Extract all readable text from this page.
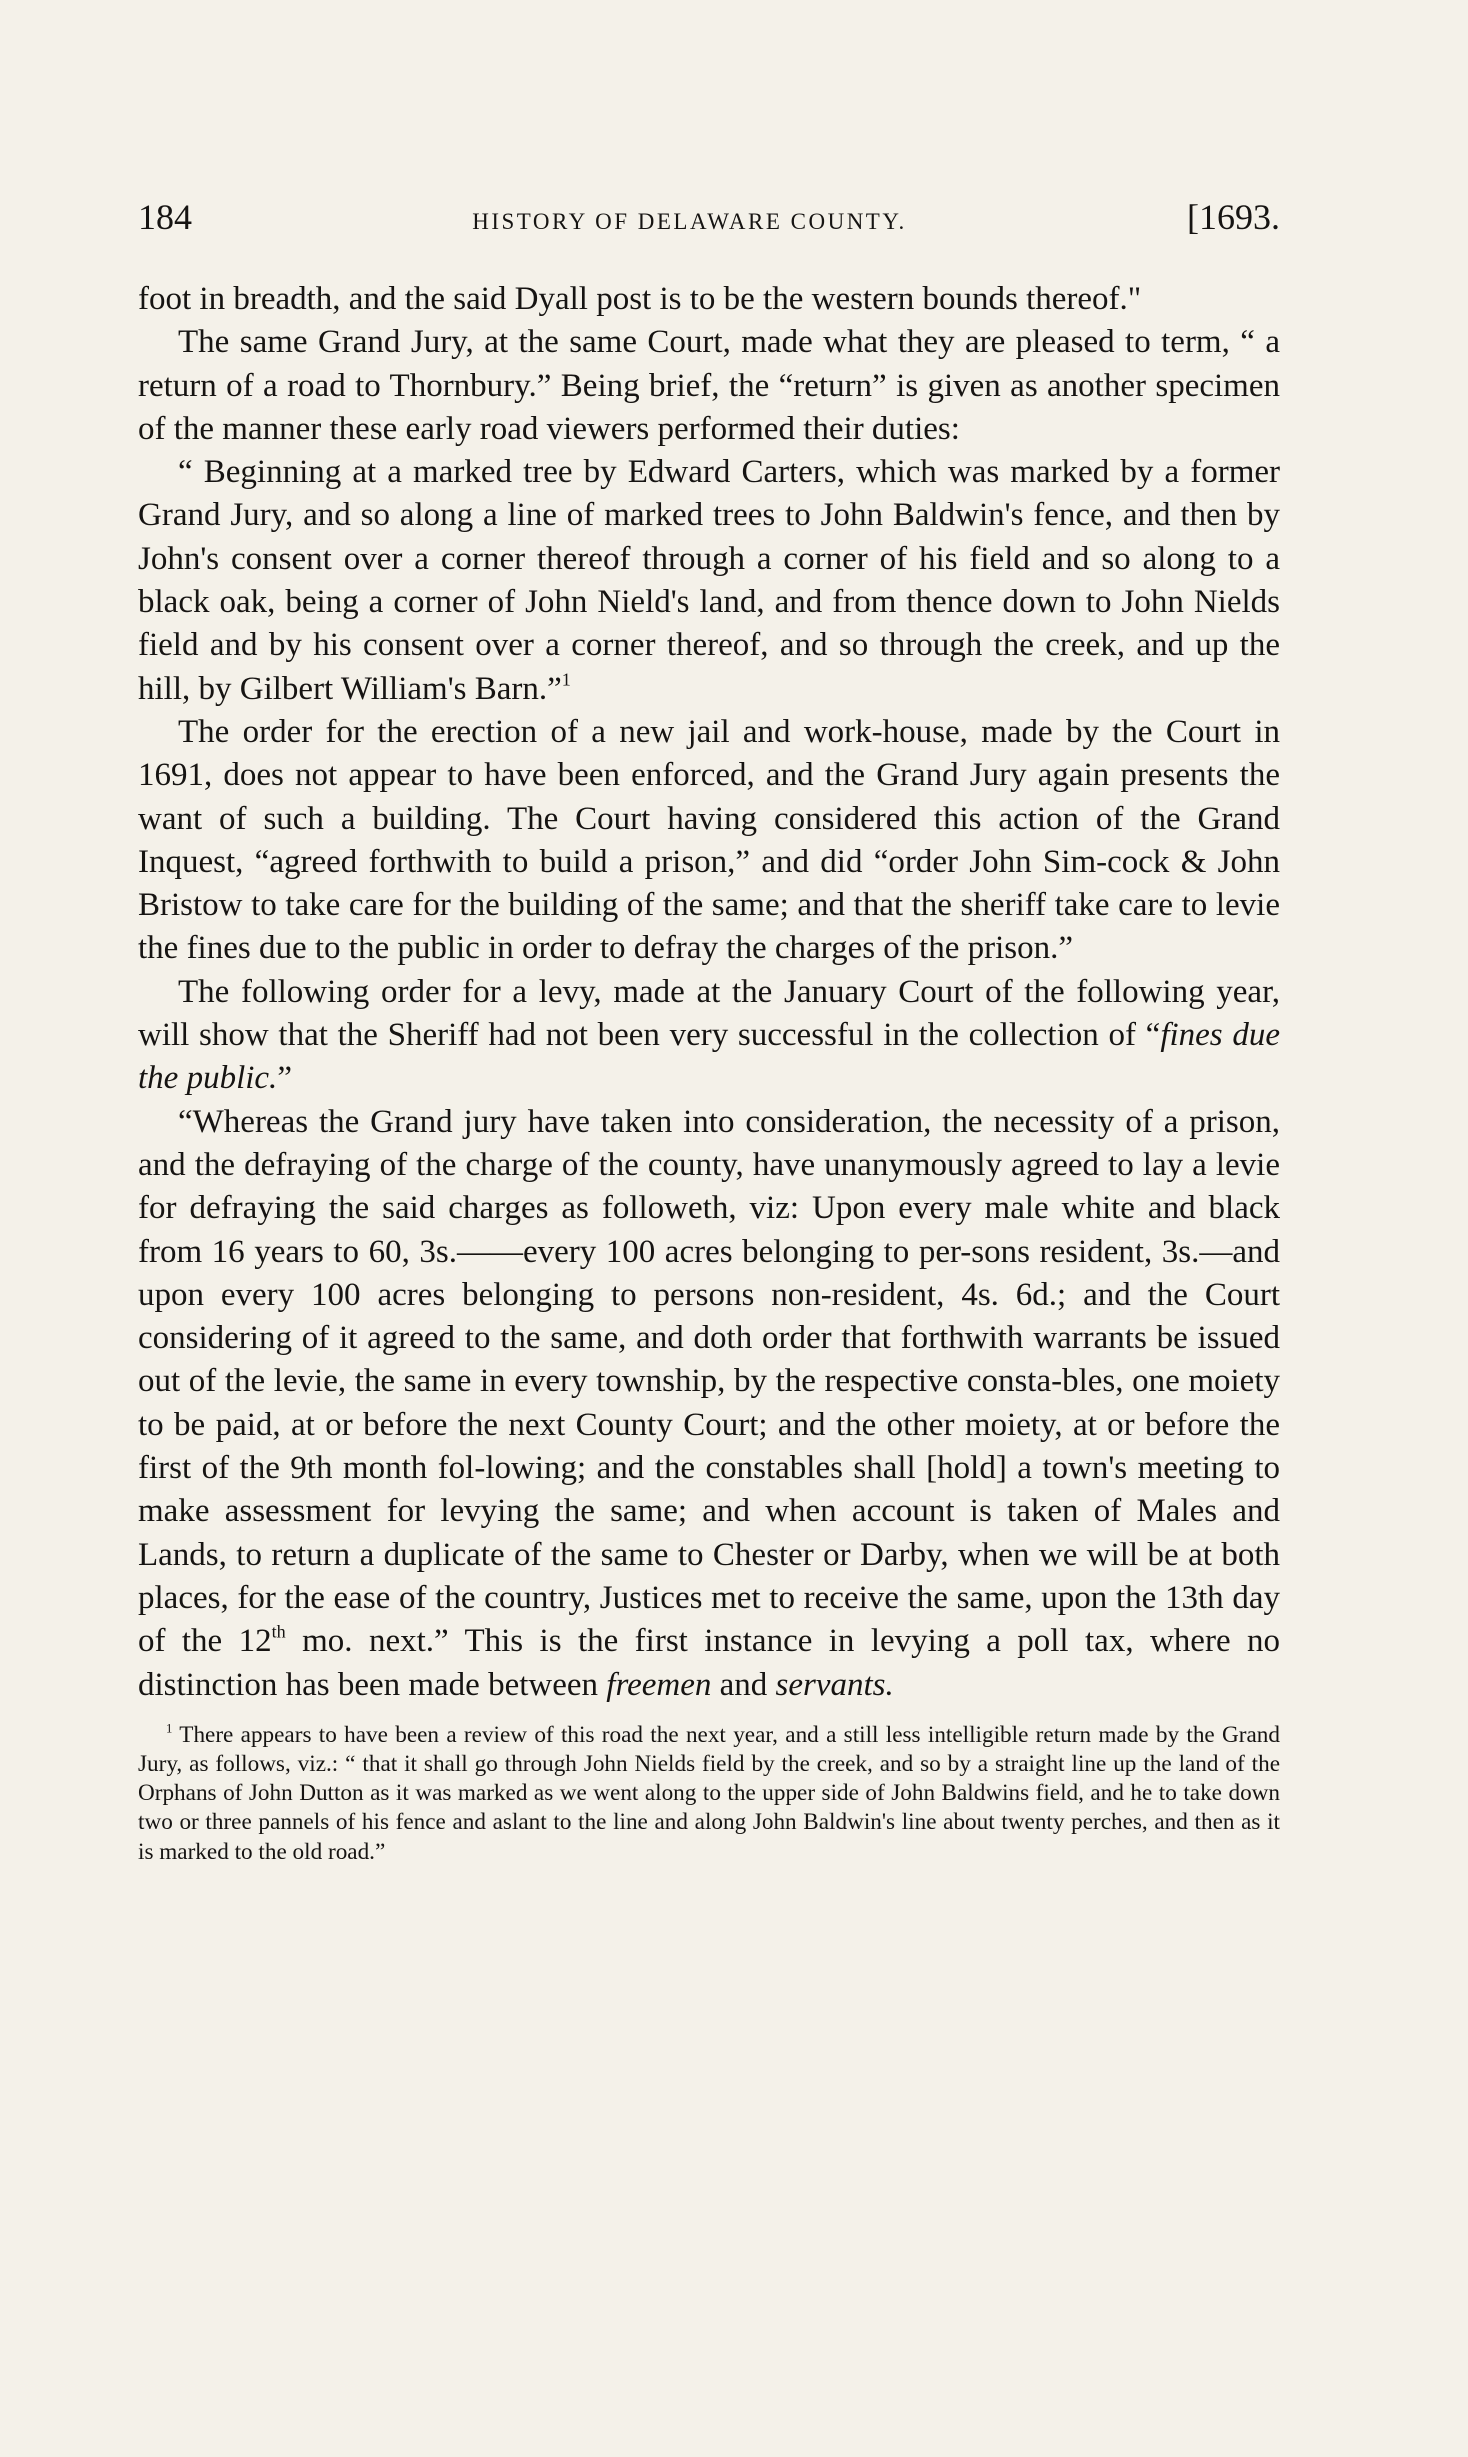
184	HISTORY OF DELAWARE COUNTY.	[1693.

foot in breadth, and the said Dyall post is to be the western bounds thereof."

The same Grand Jury, at the same Court, made what they are pleased to term, “ a return of a road to Thornbury.” Being brief, the “return” is given as another specimen of the manner these early road viewers performed their duties:

“ Beginning at a marked tree by Edward Carters, which was marked by a former Grand Jury, and so along a line of marked trees to John Baldwin's fence, and then by John's consent over a corner thereof through a corner of his field and so along to a black oak, being a corner of John Nield's land, and from thence down to John Nields field and by his consent over a corner thereof, and so through the creek, and up the hill, by Gilbert William's Barn.”$^1$

The order for the erection of a new jail and work-house, made by the Court in 1691, does not appear to have been enforced, and the Grand Jury again presents the want of such a building. The Court having considered this action of the Grand Inquest, “agreed forthwith to build a prison,” and did “order John Sim-cock & John Bristow to take care for the building of the same; and that the sheriff take care to levie the fines due to the public in order to defray the charges of the prison.”

The following order for a levy, made at the January Court of the following year, will show that the Sheriff had not been very successful in the collection of “fines due the public.”

“Whereas the Grand jury have taken into consideration, the necessity of a prison, and the defraying of the charge of the county, have unanymously agreed to lay a levie for defraying the said charges as followeth, viz: Upon every male white and black from 16 years to 60, 3s.——every 100 acres belonging to per-sons resident, 3s.—and upon every 100 acres belonging to persons non-resident, 4s. 6d.; and the Court considering of it agreed to the same, and doth order that forthwith warrants be issued out of the levie, the same in every township, by the respective consta-bles, one moiety to be paid, at or before the next County Court; and the other moiety, at or before the first of the 9th month fol-lowing; and the constables shall [hold] a town's meeting to make assessment for levying the same; and when account is taken of Males and Lands, to return a duplicate of the same to Chester or Darby, when we will be at both places, for the ease of the country, Justices met to receive the same, upon the 13th day of the 12th mo. next.” This is the first instance in levying a poll tax, where no distinction has been made between freemen and servants.

$^1$ There appears to have been a review of this road the next year, and a still less intelligible return made by the Grand Jury, as follows, viz.: “ that it shall go through John Nields field by the creek, and so by a straight line up the land of the Orphans of John Dutton as it was marked as we went along to the upper side of John Baldwins field, and he to take down two or three pannels of his fence and aslant to the line and along John Baldwin's line about twenty perches, and then as it is marked to the old road.”
